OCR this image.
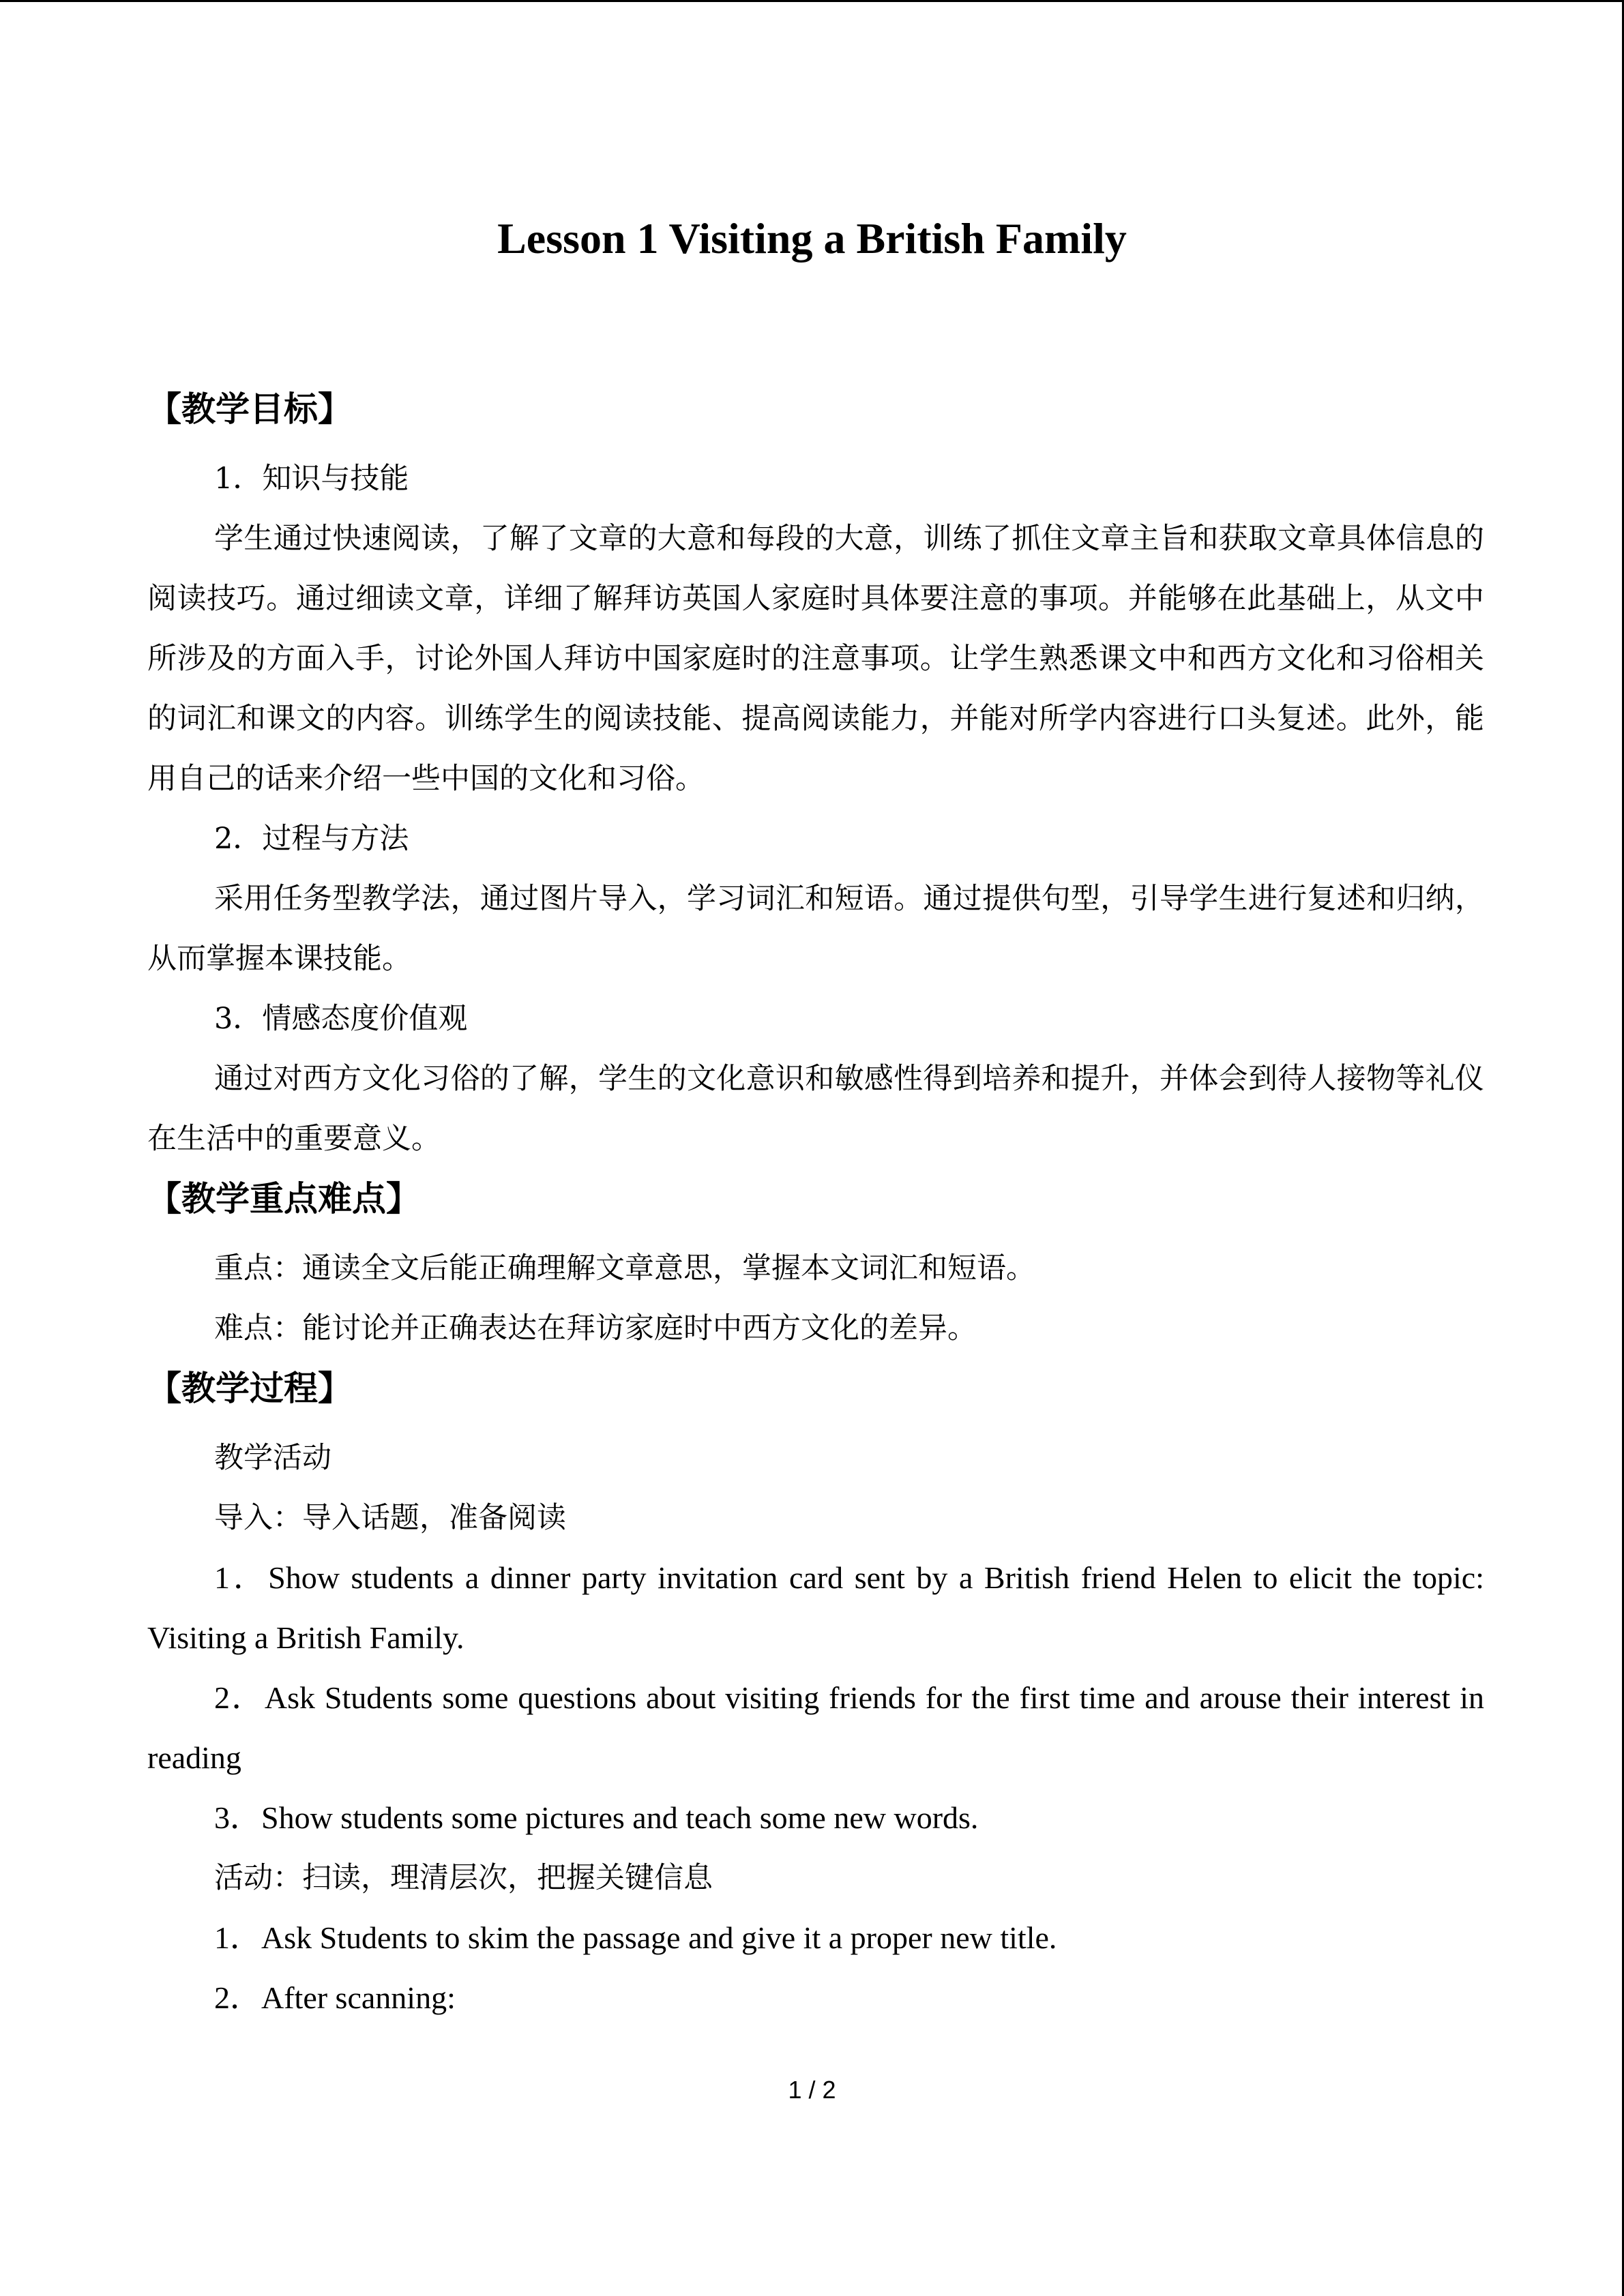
Lesson 1 Visiting a British Family
【教学目标】

1．知识与技能

学生通过快速阅读，了解了文章的大意和每段的大意，训练了抓住文章主旨和获取文章具体信息的阅读技巧。通过细读文章，详细了解拜访英国人家庭时具体要注意的事项。并能够在此基础上，从文中所涉及的方面入手，讨论外国人拜访中国家庭时的注意事项。让学生熟悉课文中和西方文化和习俗相关的词汇和课文的内容。训练学生的阅读技能、提高阅读能力，并能对所学内容进行口头复述。此外，能用自己的话来介绍一些中国的文化和习俗。

2．过程与方法

采用任务型教学法，通过图片导入，学习词汇和短语。通过提供句型，引导学生进行复述和归纳，从而掌握本课技能。

3．情感态度价值观

通过对西方文化习俗的了解，学生的文化意识和敏感性得到培养和提升，并体会到待人接物等礼仪在生活中的重要意义。

【教学重点难点】

重点：通读全文后能正确理解文章意思，掌握本文词汇和短语。

难点：能讨论并正确表达在拜访家庭时中西方文化的差异。

【教学过程】

教学活动

导入：导入话题，准备阅读

1．Show students a dinner party invitation card sent by a British friend Helen to elicit the topic: Visiting a British Family.

2．Ask Students some questions about visiting friends for the first time and arouse their interest in reading

3．Show students some pictures and teach some new words.

活动：扫读，理清层次，把握关键信息

1．Ask Students to skim the passage and give it a proper new title.

2．After scanning:

1 / 2
